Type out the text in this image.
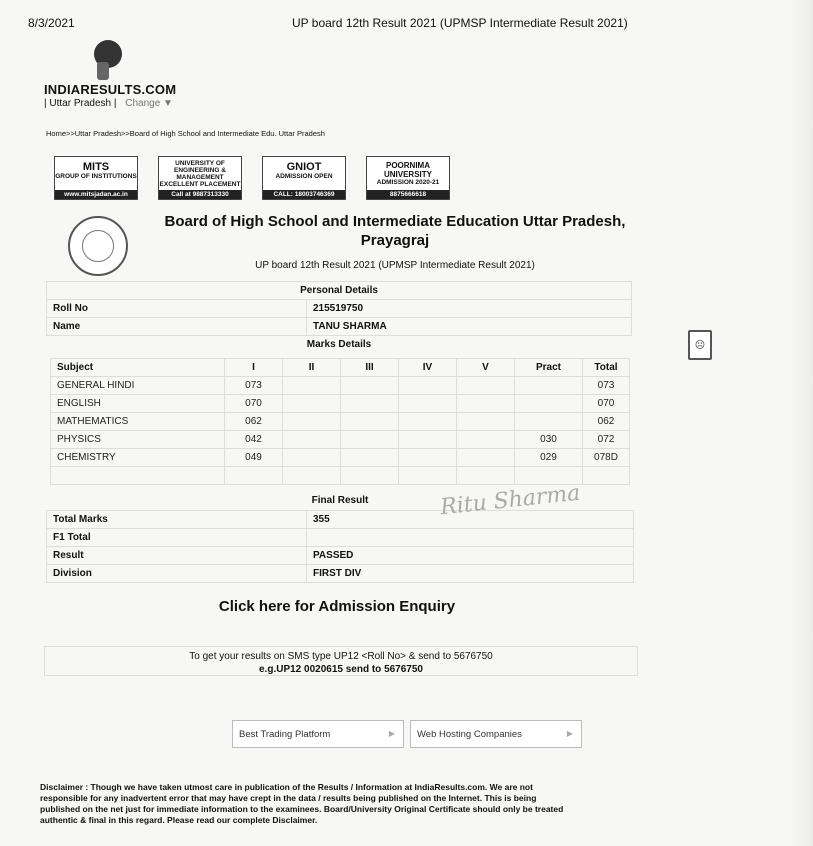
8/3/2021	UP board 12th Result 2021 (UPMSP Intermediate Result 2021)
INDIARESULTS.COM
| Uttar Pradesh | Change ▼
Home>>Uttar Pradesh>>Board of High School and Intermediate Edu. Uttar Pradesh
MITS
GROUP OF INSTITUTIONS
www.mitsjadan.ac.in
UNIVERSITY OF ENGINEERING & MANAGEMENT
EXCELLENT PLACEMENT
Call at 9887313330
GNIOT
ADMISSION OPEN
CALL: 18003746369
POORNIMA UNIVERSITY
ADMISSION 2020-21
8875666618
Board of High School and Intermediate Education Uttar Pradesh,
Prayagraj
UP board 12th Result 2021 (UPMSP Intermediate Result 2021)
Personal Details	
Roll No	215519750
Name	TANU SHARMA
Marks Details	
Subject	I	II	III	IV	V	Pract	Total
GENERAL HINDI	073						073
ENGLISH	070						070
MATHEMATICS	062						062
PHYSICS	042					030	072
CHEMISTRY	049					029	078D

Final Result	
Total Marks	355
F1 Total	
Result	PASSED
Division	FIRST DIV
Ritu Sharma
Click here for Admission Enquiry
To get your results on SMS type UP12 <Roll No> & send to 5676750
e.g.UP12 0020615 send to 5676750
Best Trading Platform	▶	Web Hosting Companies	▶
Disclaimer : Though we have taken utmost care in publication of the Results / Information at IndiaResults.com. We are not responsible for any inadvertent error that may have crept in the data / results being published on the Internet. This is being published on the net just for immediate information to the examinees. Board/University Original Certificate should only be treated authentic & final in this regard. Please read our complete Disclaimer.
☹
